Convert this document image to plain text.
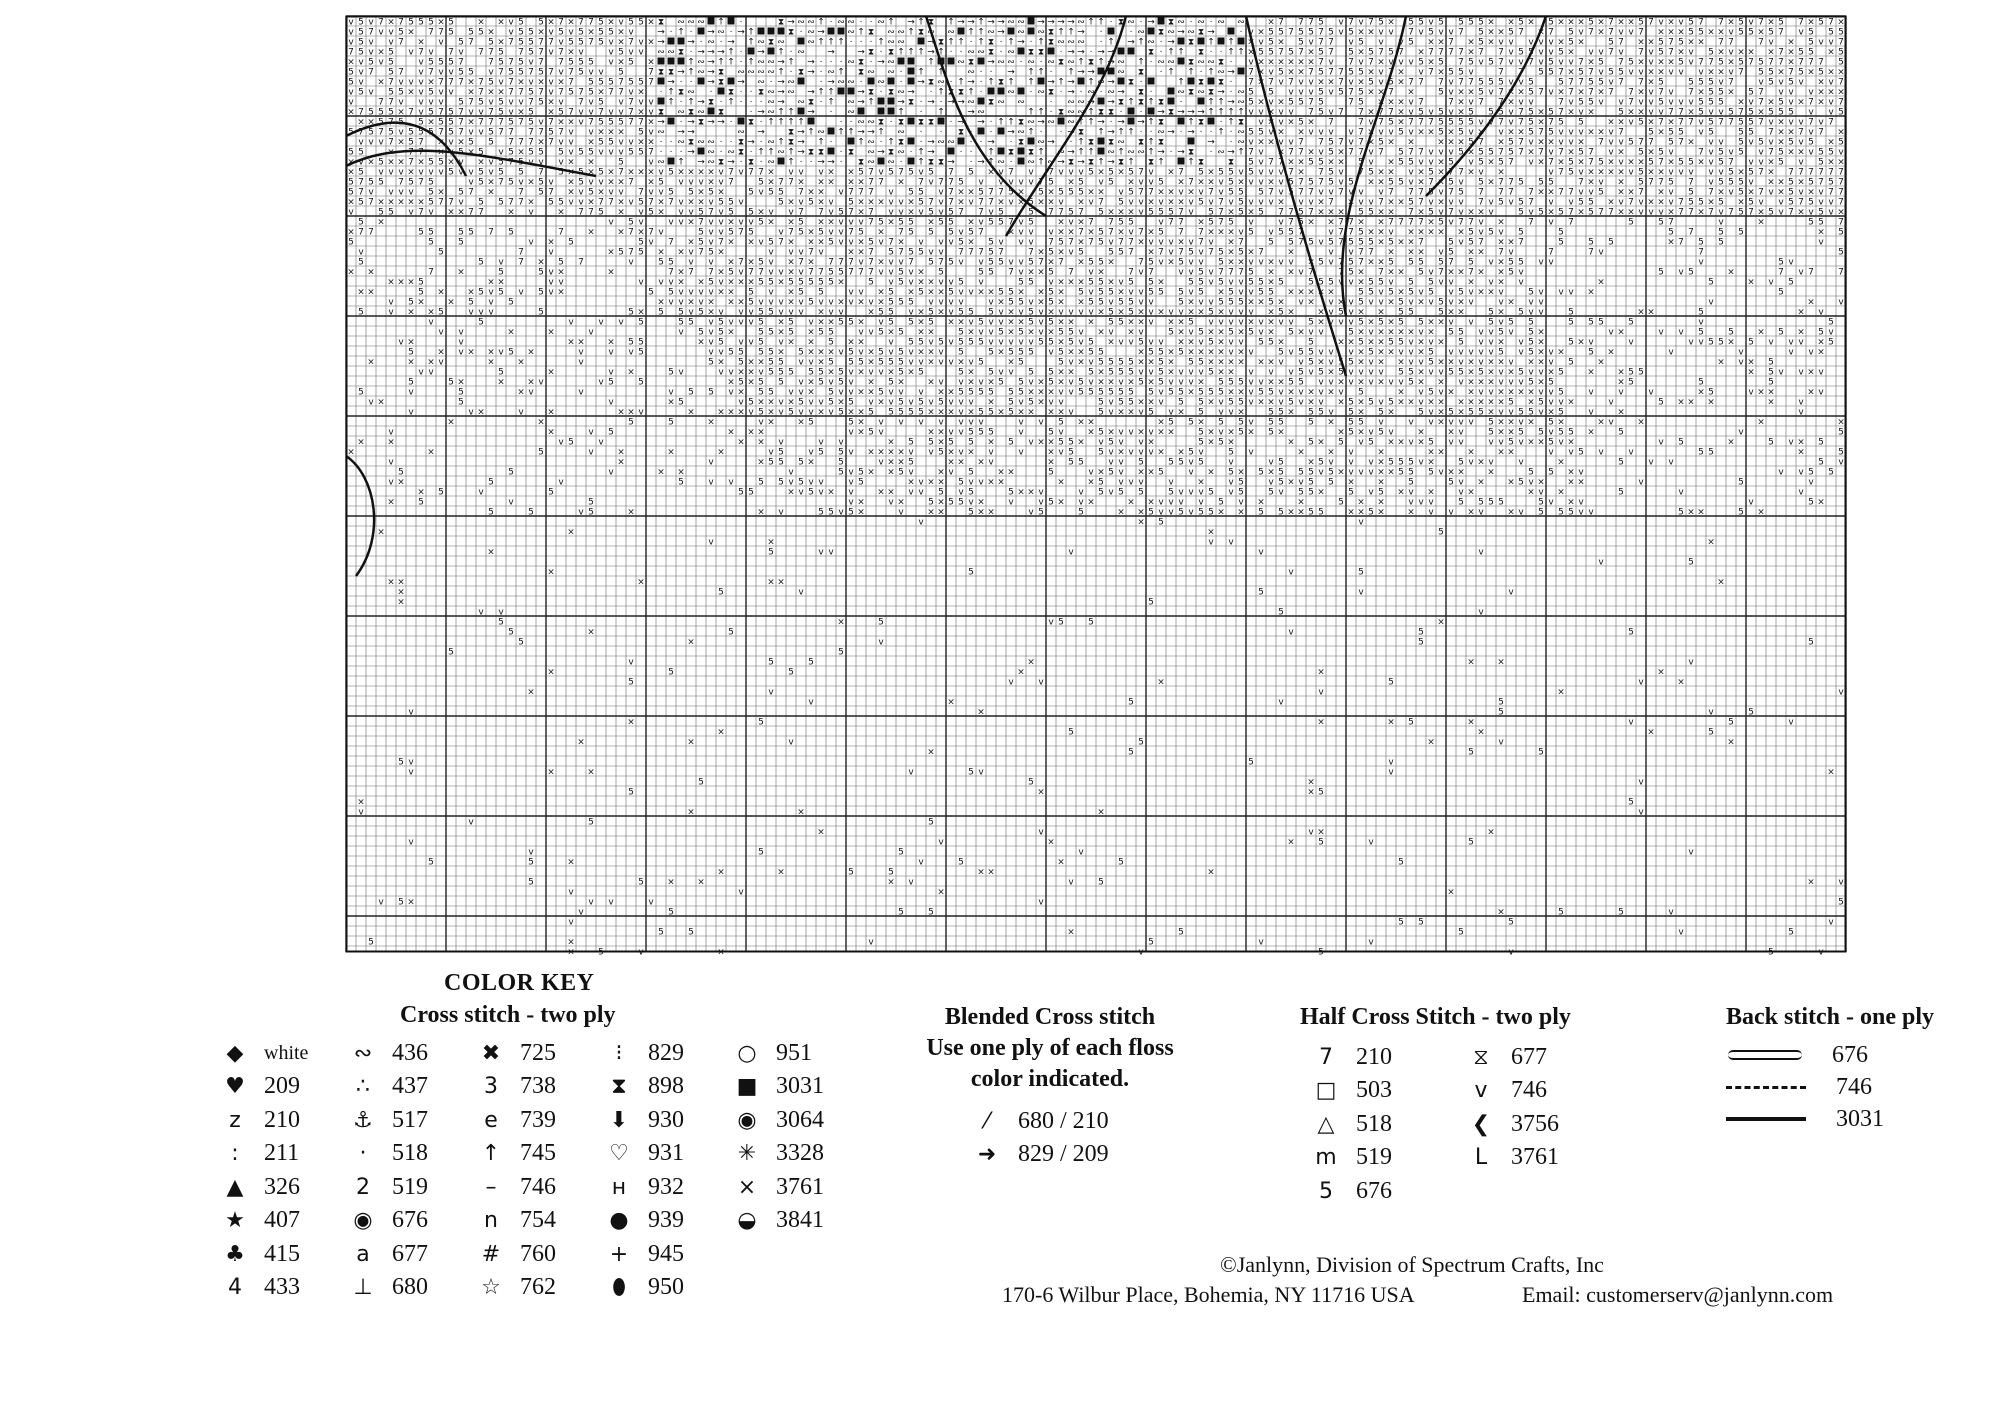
v 5 v 7 × 7 5 5 5 × 5	× × v 5 5 × 7 × 7 7 5 × v 5 5 × ⧗ ∾ ∾ ∾ ↑ ·	⧗ → ∾ ∾ ↑ · ∾ ∾ · · ∾ ↑ → ↑ ⧗ ↑ → → ↑ → → ∾ ∾ → → → → ∾ ↑ ↑ · ⧗ ∾ · → ⧗ ∾ · ∾ · ∾ ∾ × 7 7 7 5 v 7 v 7 5 × 5 5 v 5 5 5 5 × × 5 × 5 × × × 5 × 7 × × 5 7 v × v 5 7 7 × 5 v 7 × 5 7 × 5 7 ×
v 5 7 v v 5 × 7 7 5 5 5 × v 5 5 × v 5 v 5 × 5 5 × v	→ · ↑ · → ∾ · → ↑	⧗ · ∾ → ∾ ↑ ⧗ ∾ ∾ ↑ ⧗ ∾ ∾ ↑ ↑ ∾ → ∾ ∾ ⧗ ↑ ↑ → · · · ∾ ⧗ ∾ → ∾ ⧗ →	· v × 5 5 7 5 5 7 5 v 5 × × v v 7 v 5 v v 7 5 × × 5 7 × 7 5 v 7 × 7 v v 7 × × × 5 5 × × v 5 5 × 5 7 v 5 5 5
v 5 v v 7 × v 5 7 5 × 7 5 5 7 7 v 5 5 7 5 v × 7 v × → → · ∾ · → ↑ ∾ ⧗ ∾ ∾ ↑ ↑ ↑ · · · ↑ ∾ ∾ → ⧗ ↑ ↑ · ↑ ⧗ · ↑ → · ↑ ⧗ ∾ ∾ ∾ · ↑ → ↑ ∾ · → ⧗ ↑ ↑ × v 5 × 5 v 7 7 v 5 v v 5 × × 7 × 5 × v v v v v × 5 ×	5 7 × × 5 7 5 × × 7 7	7 v × 5 v v 7
7 5 v × 5 v 7 v 7 v 7 7 5 7 5 7 v 7 × v	v 5 v v ∾ ∾ ⧗ · → → → ↑ · → ↑ · ∾ → → ⧗ · ⧗ ↑ ↑ ↑ → ↑ · · ∾ ∾ ⧗ · ∾ ⧗ ⧗ · → → · → →	⧗ · ↑ ↑ ⧗ · · ↑ ↑ × 5 5 7 5 7 × 5 7 5 × 5 7 5 7 × 7 7 7 7 × 7 7 v 5 5 v v 5 × v v 7 v 7 v 5 7 × v 5 × v × × × 7 × 5 5 × 5
× v 5 v 5	v 5 5 5 7	7 5 7 5 v 7 7 5 5 5 v × 5 ×	↑ ∾ → ↑ ↑ · ↑ ∾ ∾ → ↑ → · · · ∾ ⧗ · → ∾	↑ ∾ ⧗ → ∾ ∾ · ∾ · ∾ ⧗ ∾ ↑ ⧗ ↑ → ∾ ↑ · ∾ ∾ ⧗ ∾ ∾ ⧗ · v × × × × × × 7 v 7 v 7 × v v v 5 × 5 7 5 v 5 7 v v 7 v 5 v v 7 × 5 7 5 × v × × 5 v 7 7 5 × 5 7 5 7 7 × 7 7 7 5
5 v 7 5 7 v 7 v v 5 5 v 7 5 5 7 5 7 v 7 5 v v 5	7 ⧗ ⧗ → ↑ ∾ → ⧗ ∾ ∾ ∾ ∾ ↑ · ⧗ → · ∾ ↑ ⧗ ∾ ∾ · ↑ ↑ ∾ · · → ↑ ↑ · ↑ → → ∾ ⧗ · ↑ ↑ · ↑ ∾ → 7 × v 5 × × 7 5 7 7 5 5 × v 7 × v 7 × 5 5 v	7 7 5 5 7 × 5 7 v 5 5 v v × × v v v × × v 7 5 5 × 7 5 × 5 × ×
5 v × 7 v v v × 7 7 7 × 7 5 v 7 × v × v × 7 5 5 5 7 5 5 7 → · · → ⧗ → ∾ · → ∾	· → ∾ ∾ · ∾ · → ⧗ ∾ · ↑ → · ↑ ⧗ ↑ ↑ → ↑ → ↑ ∾ → ⧗ ·	↑ ⧗ ⧗ · 7 × 7 v 7 v v × × 7 v × 5 v 5 × 7 7 7 v 7 7 5 5 5 v v 5	5 7 7 5 5 v 7 7 × 5	5 5 5 v 7	v 5 v 5 v × v 7
v 5 v 5 5 × v 5 v v × 7 × × 7 7 5 7 v 7 5 7 5 × 7 7 v × · ↑ ⧗ ∾ · ⧗ · · ⧗ ∾ → ∾ → ↑ ↑ → ⧗ · ⧗ ∾ → · ↑ ⧗ ⧗ ↑ ·	∾ · ∾ ⧗ · → · ∾ · ∾ → ⧗ ·	∾ ⧗ ∾ ⧗ → · ∾ 5 5 v v v 5 v 5 7 5 × × 7 ×	5 v × × 5 v 7 × × 5 7 v × 7 × 7 × 7 7 × v 7 v 7 × 5 5 × 5 7 v v v × × ×
v	7 7 v v v v 5 7 5 v 5 v v 7 5 × v 7 v 5 v 7 v v ↑ · ↑ → ⧗ · ↑ · · · ∾ → ∾ ⧗ · ↑ ∾ → ↑ → ⧗ · → · → → ∾ ⧗ ∾ ∾	· ∾ ∾ → → ⧗ ↑ ⧗ ↑ ⧗ ·	↑ ↑ → ∾ 5 × v × 5 5 7 5	7 5 × × × v 7	7 × v 7 7 × v v	7 v 5 5 v v 7 v v 5 v v v 5 5 5 × v 7 × 5 v × 7 × v 7
× 7 5 5 5 × 7 v 5 7 5 7 v v 7 5 v × 5 × 5 7 v v 7 v v 7 × v ⧗ ∾ ⧗ ∾ ⧗	· → ∾ ↑ ↑ → · ∾	↑ · ↑ → ∾	↑ ↑ · ⧗ ∾ ∾ ↑ ⧗ ⧗ · · → ⧗ → → → ↑ ↑ ↑ ↑ v v × v v 7 5 v 7 7 × 7 7 × v 5 v 5 v × 5 5 5 v 7 5 × 5 7 × v ×	5 × × v v 7 7 × 5 v v 5 7 5 × 5 5 5 v v 5
× × 5 7 5 5 × 5 5 7 × 7 7 7 5 7 5 v 7 × × v 7 5 5 5 7 7 × → · → ⧗ → → · ⧗ · ↑ ↑ ↑ ↑	· · ∾ ∾ ⧗ · ⧗ ⧗ ⧗ · → → · ↑ ↑ ⧗ ∾ → ∾ ∾ ↑ ↑ → · → → ↑ ⧗	↑ ⧗ · ↑ ⧗ v × v × 5 × 7	7 v 7 5 × 7 7 7 5 5 5 5 v v 7 v 7 5 × 7 5 5	× × v 5 × 7 × 7 7 v 5 7 7 5 5 7 v × v v 7 v 7
5 7 5 7 5 v 5 5 5 7 5 7 v v 5 7 7 7 7 5 7 v v × × × 5 v ∾ → →	∾ →	⧗ → ↑ ∾ ↑ ↑ → → ↑ ∾ · · ⧗ · · → ∾ ↑ · · → ⧗ ↑ → ↑ ↑ · · ∾ → · → · · ↑ · ∾ 5 5 v × × v v v v 7 × v v 5 v × × 5 × 5 v × v × × 5 7 5 v v v × × v 7	5 × 5 5 v 5	5 5 7 × × 7 v 7 ×
v v v 7 × 5 7 × v × 5 5 7 7 7 × 7 v v × 5 5 v v × × · · ∾ ⧗ ∾ ∾ · · ⧗ → · ∾ ↑ ⧗ → ↑ ·	↑ ∾ · ↑ ⧗ · → ∾ ∾ · · → · ⧗ ∾ → · ↑ ⧗ ⧗ ∾ ⧗ ↑ ⧗	→ · ∾ v × × v v 7 7 5 7 v 7 × 5 × × × × × 5 7 × 5 7 v × × v v × 7 v v 5 7 7 5 7 × v v 5 v 5 v × 5 v 5 × 5
5 5	× 7 7 × v 5 × 5 v 5 × 5 5 5 v 5 5 v v v 5 5 7 · · · → ∾ · ∾ ⧗ · ↑ ↑ ∾ ↑ → ⧗ ⧗ · ⧗ ∾ → ⧗ ∾ · ↑ →	· · ↑ ⧗ ⧗ ↑ ∾ → ↑ ↑ ∾ ↑ ∾ ∾ ↑ → · → ⧗ · ∾ → ↑ 7 v × 7 7 × v 5 × 7 7 v 7 5 7 7 v v v 5 × 5 5 7 5 7 × 7 v 7 × 5 7 v × 5 × 5 v	7 v 5 v 5 v 7 5 × × v 5 5 v
× v × 5 × × 7 × 5 5 × v × v 5 7 5 v v v × ×	5	v ∾ ↑ → ∾ ⧗ → · ⧗ · ∾ ↑ · · → → · ⧗ ∾ ∾ · ↑ ⧗ ⧗ → · → ↑ ∾ · ∾ ↑ ∾ → ⧗ → ⧗ ↑ → ⧗ ↑ ⧗ ↑ ↑ ⧗	⧗ 5 v 7 7 × × 5 5 × × 5 v × 5 5 v v × 5 v 5 × 5 7 v × 7 × 5 × 7 5 × v × × 5 7 × 5 5 × v 5 7 v v × 5 v 5 × ×
× 5 v v v × v v v 5 v v 5 v 5 5 7 5 × 5 × 5 × 7 × × × v 5 × × × × v 7 v 7 7 × v v v × × 5 7 v 5 7 5 v 5 7 5 × v 7 v 7 v v v 5 × 5 × 5 7 v × 7 5 × 5 5 v 5 v v v 7 × 7 5 v 7 5 × × v × 5 × 7 7 × v ×	v 7 5 v × × × × v 5 × × v v v v v 5 × 5 7 × 7 7 7 7 7 7
5 7 5 5 7 5 7 5	v 5 × 7 5 v × 5 v × 5 v v × × 7 × 5 v v v × v 7	5 × 7 7 × × × × × 7 7 × 7 v 7 7 5 v v v v v 7 5 × 5 v 5 × v v 5 × 7 × × v 5 × v v × v 5 7 5 7 5 v 5 × × 5 5 v × 7 × 5 v 5 × 7 7 5 5 5	7 × v × 5 7 7 5 7 v 5 5 5 v × × 5 × 5 7 5 7
5 7 v v v v 5 × 5 7 ×	7 5 7 × v 5 × v v 7 v v 5 5 × 5 ×	5 v 5 5 7 × × v 7 7 7 v 5 5 v 7 × × 5 7 7 5 × 5 × 5 5 5 × × v 5 7 7 × × v × v 7 v 5 5 5 7 v 5 7 7 v v 7 v v v 7 7 7 5 v 7 5 7 7 7 7 × × 7 7 v v 5 × × 7 × v 5 7 × v 5 × 7 v × 5 v × v 7 7
× 5 7 × × × × × 5 7 7 v 5 5 7 7 × 5 5 v v × 7 7 × v 5 7 × 7 v × × v 5 5 v	5 × v 5 × v 5 × × × v v × 5 7 v 7 × v 7 7 × v × 5 × × v × v 7 5 v v × v × × v 5 v 7 v 5 v v v × v v × 7 × v v 7 × × 5 7 v × v v 7 v 5 v 5 7 v v 5 5 × v 7 v × × v 7 5 5 × 5 × 5 v v 5 7 5 v v 7
v	5 5 v 7 v × × 7 7	× v	× 7 7 5 × v 5 × v v 5 7 v 5 5 × v v 7 7 v 5 7 × 7 v v × v 5 v 5 7 7 v 5	5 7 7 5 7 5 × × × v 5 5 5 7 v 5 7 × 5 × 5 7 7 5 7 × × × 5 5 × × 7 × 5 v 7 v × × v	5 v 5 × 5 7 × 5 7 7 × × v v v × 7 7 × 7 v 7 5 7 × 5 v 7 × v 5 v ×
5 ×	v 5 v	v v × 7 v v × v v 5 × × 5 × × v v v 7 5 × 5 5 × 5 5 × v 5 5 7 v 5	× v × 7 7 5 5	v 7 7 × 5 7 5 v	v 7 5 × × 7 7 × × 7 7 7 7 × 5 v 7 7 v ×	7 v 7	5	5 7	v	×	5 5 7
× 7 7	5 5	5 5 7 5	7	× × 7 × 7 v	5 v v 5 7 5	v 7 5 × 5 v v 7 5 × 7 5 5 5 v 5 7	× v v v × × 7 × 5 7 × v 7 × 5 7 7 × × × v 5 v 5 5 7	v 7 7 5 × × v × × × × × 5 v 5 v 5	5	5 7	5 5	× 5
5	5	5	v × 5	5 v 7 × 5 v 7 × × v 5 7 × × × 5 v v × 5 v 7 × v v v 5 × 5 v v v 7 5 7 × 7 5 v 7 7 × v v v × v 7 v × 7	5 5 7 5 v 5 7 5 5 5 × 5 × × 7	5 v 5 7 × × 7	5	5 5	× 7 5 5	v
v	5	7	v	× 5 7 5 × × v 7 5 ×	v v v 7 v	× × 7 5 7 5 5 v v 7 7 7 5 7	7 × 5 × v 5	5 5 7 × 7 v 7 5 v 7 5 × 5 × 7	×	v v 7 7 × × × v 5 × × 7 v	7	7 v	7	5
5	5 v 7 × 5 7	v	5 5 v v × 7 × 5 v × 7 × 7 7 7 v 7 × v v 7 5 7 5 v v 5 5 v v 5 7 × 7 × 5 5 ×	7 5 v × 5 v v 5 × × v v × v v × 5 v 7 5 7 × × 5 5 5 5 7 5 v × 5 5 v v	v	5 v
× ×	7	×	5	5 v ×	×	7 × 7 7 × 5 v 7 7 v v × v 7 7 5 5 7 7 7 v v 5 v × 5	5 5 7 v × × 5 7 v ×	7 v 7	v v 5 v 7 7 7 5 × × v 7	7 5 × 7 × × 5 v 7 × × 7 × × 5 v	5 v 5	×	7 v 7	7
× × × 5	× ×	v v	v v v × × 5 v × × × 5 5 × 5 5 5 5 5 ×	5 v 5 v × × v v 5 v	5 5 v × × × 5 5 × v 5 5 ×	5 5 v 5 v v 5 5 × 5	5 5 5 v v × 5 5 v 5 5 v v × v × v	×	5	× v 5
× ×	5 × × 5 v 5 v 5 v ×	5 5 v v v v × × 5 v × 5 5	v v × 5 × 5 × × 5 v v × × 5 5 × × 5 × 5 v 5 5 × v v 5 5 5 v 5 × 5 v v 5 5 × × × × ×	5 5 v 5 × 5 v 5 v 5 v × × v	5 v v v ×	5
v 5 × × 5 v 5	× v v × v × × × 5 v v v × v 5 v v × v × v × 5 5 5 v v v v	v × 5 5 v × 5 × × 5 5 v 5 5 v v	5 × v v 5 5 5 × × 5 × v × v × v 5 v v × 5 v × v 5 v × v	v × v v	v	×	v
5	v × × 5	v v v	5	5 × 5 5 v 5 × v v v 5 5 v v v × v v	× 5 5 v × 5 × v 5 5 5 v × v 5 v × v v v v × 5 × 5 × v × v v × × 5 × v v v × 5 × × v 5 v × × 5 5	5 × ×	5 × 5 v v	5	× ×	5	× v
v	5	v	v v 5	5 5 v 5 v v v 5 × 5 v × × 5 5 × v 5 5 × 5 × × v 5 v v × × 5 v 5 × × × 5 5 × × v × × 5 v v v v × v × v v 5 × v v v 5 × 5 × 5 5 × × v v 5 v 5 5	5 5 5	5	v	5
v v	×	×	v	v 5 v 5 ×	5 5 × 5 × 5 5	v v 5 × 5 × ×	5 × v v 5 × 5 × v × 5 5 v × v × v	5 × v 5 × × 5 × 5 v × 5 × v v	5 × v × × × × v × 5 5 v v 5 v 5 ×	v ×	v v 5	5	× 5 × 5 v
v ×	v	× × × 5 5	× v 5 v v 5 v × × 5 × ×	v 5 5 v 5 v 5 5 5 v v v v v 5 5 × 5 v 5 × v v 5 v v × × v 5 × v v 5 5 ×	5	× × 5 × × 5 5 v × v × 5 v v × v 5 ×	5 × v	v	v v 5 5 × 5 v v v × 5
5	× v × × v 5 ×	v	v v 5	v v 5 5 5 5 × 5 × × × v 5 v × 5 v 5 v × × v 5	5 × 5 5 5 v 5 × × 5 5	× 5 5 × 5 × × × × v × v	5 v 5 5 v v v × 5 × × v v × 5 v v v v v 5 v 5 × v ×	5 ×	v	v	v v ×
×	× × v	× ×	v	5 × 5 × × 5 5 v v × 5 5 5 × 5 5 5 v v × v v × v 5	× 5	5 v × v 5 5 5 5 × × 5 × 5 5 × × × × × × v v 5 × v 5 5 × v × × v v 5 × × v × v × × v × × v 5	×	× v × 5
v v	5	×	v ×	5 v	v v × × v 5 5 5 5 5 × 5 v × v v × 5 × 5	5 × 5 v v 5 5 × × 5 × 5 5 5 v v 5 × v v v 5 × × v v v 5 v 5 × 5 v v v v 5 5 × v v 5 5 × 5 × v × 5 v v × 5	× × 5 5	× 5 v v × v
5	5 ×	× × v	v 5	5	× 5 × 5 5 v × 5 v 5 v × 5 × × v v × v × 5 5 v × 5 × v 5 v × × v × 5 × 5 v v v × 5 5 5 v v × × 5 5 v v × v × v × v v 5 × × v × × × v v v 5 × 5	× 5	5	5
5	v	5	× v	v	v 5 5 v × 5 5 v v × 5 v v × × 5 v v v × × 5 5 5 5 5 5 × × × v v 5 5 5 5 5 5 5 v 5 5 × 5 5 5 × × v 5 5 v × v × v × v 5	× v 5 v × × v v × × × × v v 5	v	v	v	× 5	v × ×	× v
v ×	5	v	× 5	v 5 × × v × 5 v v 5 × 5 v × v 5 v 5 v 5 v v v × 5 v 5 × v v	5 v 5 5 × × v 5 5 × v 5 5 v × × v 5 v × v × 5 × 5 v 5 × × v × × × × × × × 5 × 5 v v ×	v	5 × × ×	×	v
v	v ×	v	×	× × v	× × × × v 5 × v 5 v v × v 5 × × 5 5 5 5 5 × × × v × 5 5 × 5 × × × × v	5 v × × v 5 v × 5 v v ×	5 5 × 5 5 v 5 × 5 ×	5 v × 5 × 5 5 × v v 5 5 v × 5	v	×	v
×	×	5	5	×	v × × 5	5 × v v v v v v v	v v 5 × ×	× 5 5 × 5 5 v 5 5	5 × 5 5 v	v v × v v v 5 × × v × 5 ×	× v	×	×	×
v	×	v 5	× × ×	v × 5 v	× × v v 5 5 5	v	5 v	× 5 × v v × v × ×	5 × v × 5 × 5 ×	× 5 × v 5 v	× × v	5 × × 5 5 v 5 5 ×	5	v	5
× ×	v 5	v	× × v	v v	× 5 5 × 5 5 × 5 v × × 5 5 × v 5 v v ×	5 × 5 ×	× 5 × 5 v 5 × × v × 5 v v	v v 5 v × × 5 v ×	v 5	×	5 v × 5
×	×	5	v	×	×	×	v 5	v 5 5 v × × × × v v 5 × v × v	v	× v 5	5 v × v v v × × 5 v	5 v	× × v	×	× × × × ×	v v 5 v	v	5 5	×	5
v	×	v	× 5 5 5 ×	5	v × × 5	× × × v	× 5 5	v v 5	5 5 v 5	v	v 5	× 5 v v v × 5 5 5 v ×	5 v × v	v	×	5	v v	5 v
5	5	v	× ×	v	5 v 5 × × 5 v	× v 5	× ×	5	v × 5 v × × 5	v × 5 × 5 × 5 5 5 v 5 × v v v × × 5 5 5 v × × ×	5 5 × v	v v 5 5
v ×	5	v	5	v v	5 5 v 5 v v	v 5	× v × × 5 v v × ×	× × 5 v v v	v	×	v 5	v 5 × v 5 5 × ×	5	5 v × × 5 v × × ×	v	5	v
× 5	v	5	5 5	× v 5 v × v	× × v v 5 v 5	5 × × v	v 5 v 5 5	5 v v v 5 v 5	5 v 5 5 ×	5 v 5 × v ×	v ×	× v ×	5	v	v
×	5	v	5	v ×	v ×	5 × 5 5 v ×	v	v 5 × v ×	× × v v v v 5 v ×	×	5 × ×	v v v	5 5 5 5	5 v × v	v	5 ×
5	5	v 5	×	× v	5 5 v 5 ×	v	× ×	5 × ×	v 5	5	× × 5 v v 5 v 5 5 × × 5 5 × × 5 5	× × 5 × × v v × v	× v 5 5 5 v v	5 × ×	5 ×
v	× 5	v
×	×	×	5
v	×	v v	×
×	5	v v	v	v	v
v	5
×	5	v	5
× ×	×	× ×	×
×	5	v	5	v	v
×	5
v v	5	v
5	×	5	v 5	5	×
5	×	5	v	5	5
5	×	v	5	5
5	5
v	5	5	×	× ×	v
×	5	5	×	×	×
5	v	v	×	5	v	×
×	v	v	×	v
v	×	5	v	5
v	×	5	v	5
×	5	×	× 5	×	v	5	v
×	5	×	×	5
×	×	v	5	×	v	×
×	5	5	5
5 v	5	v
v	×	×	v	5 v	v	×
5	5	×	v
5	×	× 5
×	5
v	×	×	×	v
v	5	5
×	v	v ×	×
v	v	×	×	5	v	5
v	5	5	v	v
5	5	×	v	5	×	5	5
×	×	5	5	× ×	×
5	5	× ×	× v	v	5	×	v
v	v	×	×
v 5 ×	v v	v	v	5
v	5	5	5	×	5	5	v
v	5 5	5	v
5	5	×	5	5	v	5
5	×	v	5	v	v
×	5	v	×	v	5	v	5	v
COLOR KEY
Cross stitch - two ply
◆	white
♥ 209
z 210
:	211
▲ 326
★ 407
♣ 415
4 433
∾ 436
∴ 437
⚓ 517
·	518
2 519
◉ 676
a 677
⊥ 680
✖ 725
3 738
e 739
↑ 745
– 746
n 754
# 760
☆ 762
⁝	829
⧗ 898
⬇ 930
♡ 931
н 932
● 939
+ 945
⬮ 950
○ 951
■ 3031
◉ 3064
✳ 3328
× 3761
◒ 3841
Blended Cross stitch
Use one ply of each floss
color indicated.
⁄	680 / 210
➜ 829 / 209
Half Cross Stitch - two ply
7 210
□ 503
△ 518
m 519
5 676
⧖ 677
v 746
❮ 3756
L 3761
Back stitch - one ply
676
746
3031
©Janlynn, Division of Spectrum Crafts, Inc
170-6 Wilbur Place, Bohemia, NY 11716 USA	Email: customerserv@janlynn.com
